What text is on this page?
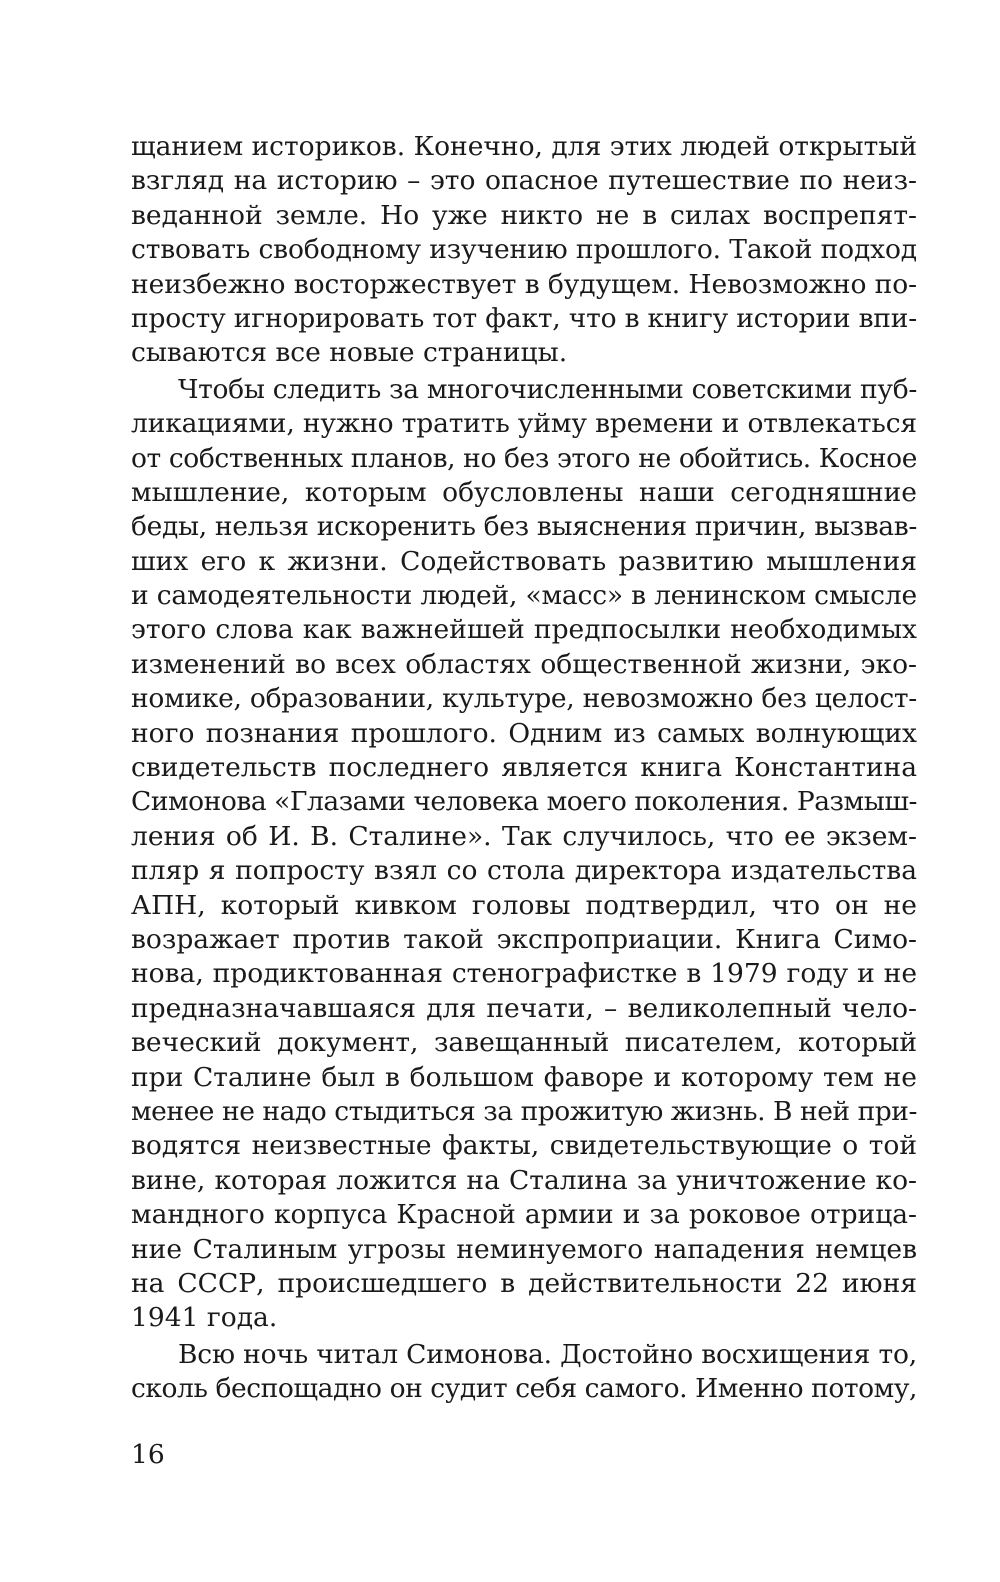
щанием историков. Конечно, для этих людей открытый
взгляд на историю – это опасное путешествие по неиз-
веданной земле. Но уже никто не в силах воспрепят-
ствовать свободному изучению прошлого. Такой подход
неизбежно восторжествует в будущем. Невозможно по-
просту игнорировать тот факт, что в книгу истории впи-
сываются все новые страницы.
Чтобы следить за многочисленными советскими пуб-
ликациями, нужно тратить уйму времени и отвлекаться
от собственных планов, но без этого не обойтись. Косное
мышление, которым обусловлены наши сегодняшние
беды, нельзя искоренить без выяснения причин, вызвав-
ших его к жизни. Содействовать развитию мышления
и самодеятельности людей, «масс» в ленинском смысле
этого слова как важнейшей предпосылки необходимых
изменений во всех областях общественной жизни, эко-
номике, образовании, культуре, невозможно без целост-
ного познания прошлого. Одним из самых волнующих
свидетельств последнего является книга Константина
Симонова «Глазами человека моего поколения. Размыш-
ления об И. В. Сталине». Так случилось, что ее экзем-
пляр я попросту взял со стола директора издательства
АПН, который кивком головы подтвердил, что он не
возражает против такой экспроприации. Книга Симо-
нова, продиктованная стенографистке в 1979 году и не
предназначавшаяся для печати, – великолепный чело-
веческий документ, завещанный писателем, который
при Сталине был в большом фаворе и которому тем не
менее не надо стыдиться за прожитую жизнь. В ней при-
водятся неизвестные факты, свидетельствующие о той
вине, которая ложится на Сталина за уничтожение ко-
мандного корпуса Красной армии и за роковое отрица-
ние Сталиным угрозы неминуемого нападения немцев
на СССР, происшедшего в действительности 22 июня
1941 года.
Всю ночь читал Симонова. Достойно восхищения то,
сколь беспощадно он судит себя самого. Именно потому,
16
